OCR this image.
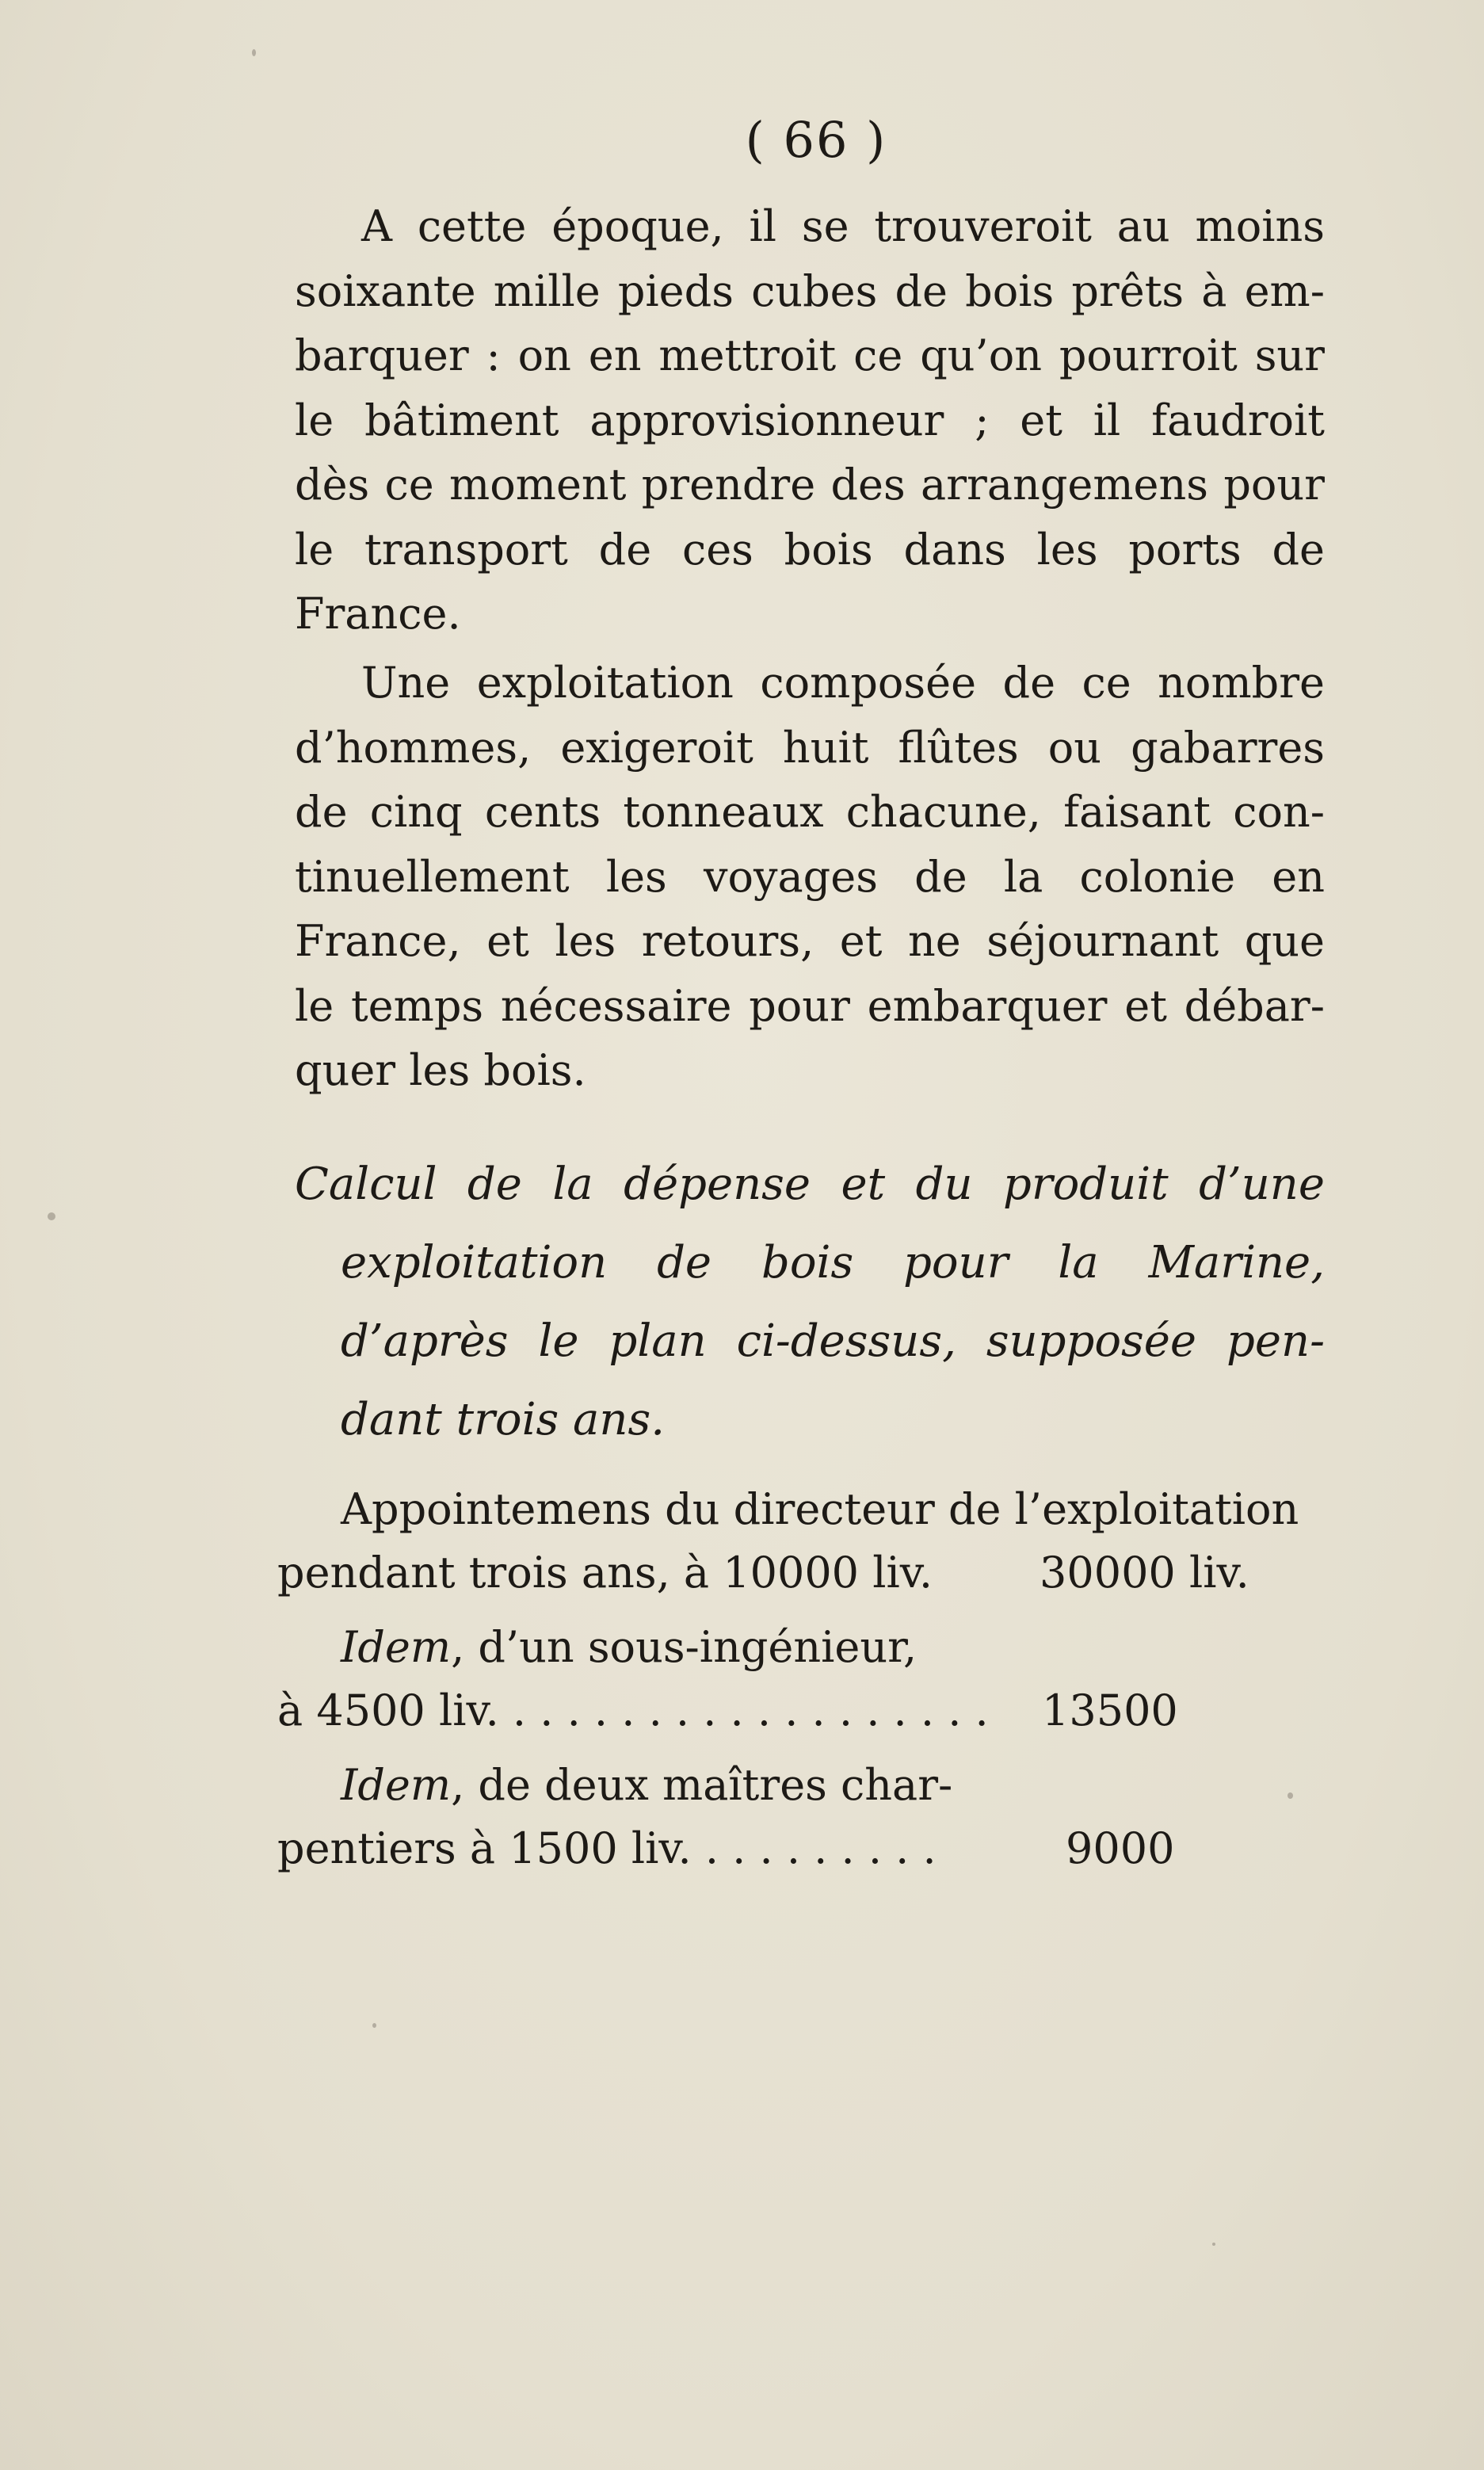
( 66 )
A cette époque, il se trouveroit au moins
soixante mille pieds cubes de bois prêts à em-
barquer : on en mettroit ce qu’on pourroit sur
le bâtiment approvisionneur ; et il faudroit
dès ce moment prendre des arrangemens pour
le transport de ces bois dans les ports de
France.
Une exploitation composée de ce nombre
d’hommes, exigeroit huit flûtes ou gabarres
de cinq cents tonneaux chacune, faisant con-
tinuellement les voyages de la colonie en
France, et les retours, et ne séjournant que
le temps nécessaire pour embarquer et débar-
quer les bois.
Calcul de la dépense et du produit d’une
exploitation de bois pour la Marine,
d’après le plan ci-dessus, supposée pen-
dant trois ans.
Appointemens du directeur de l’exploitation
pendant trois ans, à 10000 liv. 30000 liv.
Idem, d’un sous-ingénieur,
à 4500 liv. . . . . . . . . . . . . . . . . . . 13500
Idem, de deux maîtres char-
pentiers à 1500 liv. . . . . . . . . .	9000
